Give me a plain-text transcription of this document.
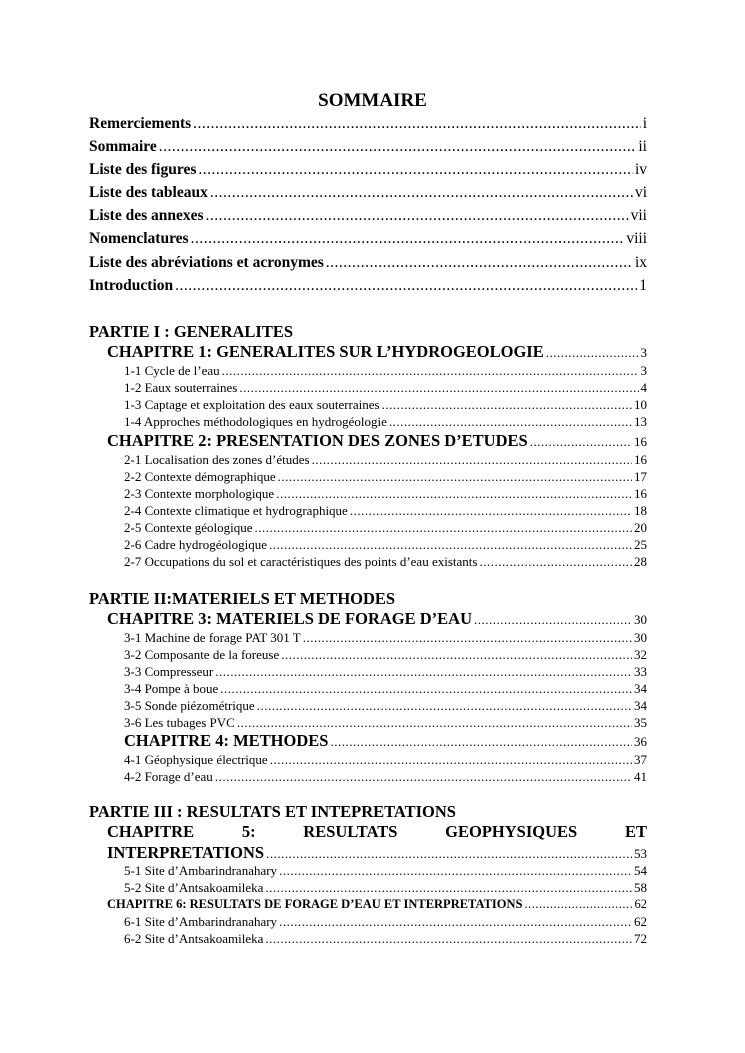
SOMMAIRE
Remerciements .....	i
Sommaire .....	ii
Liste des figures .....	iv
Liste des tableaux .....	vi
Liste des annexes .....	vii
Nomenclatures .....	viii
Liste des abréviations et acronymes .....	ix
Introduction .....	1
PARTIE I : GENERALITES
CHAPITRE 1: GENERALITES SUR L’HYDROGEOLOGIE .....	3
1-1 Cycle de l’eau .....	3
1-2 Eaux souterraines .....	4
1-3 Captage et exploitation des eaux souterraines .....	10
1-4 Approches méthodologiques en hydrogéologie .....	13
CHAPITRE 2: PRESENTATION DES ZONES D’ETUDES .....	16
2-1 Localisation des zones d’études .....	16
2-2 Contexte démographique .....	17
2-3 Contexte morphologique .....	16
2-4 Contexte climatique et hydrographique .....	18
2-5 Contexte géologique .....	20
2-6 Cadre hydrogéologique .....	25
2-7 Occupations du sol et caractéristiques des points d’eau existants .....	28
PARTIE II:MATERIELS ET METHODES
CHAPITRE 3: MATERIELS DE FORAGE D’EAU .....	30
3-1 Machine de forage PAT 301 T .....	30
3-2 Composante de la foreuse .....	32
3-3 Compresseur .....	33
3-4 Pompe à boue .....	34
3-5 Sonde piézométrique .....	34
3-6 Les tubages PVC .....	35
CHAPITRE 4: METHODES .....	36
4-1 Géophysique électrique .....	37
4-2 Forage d’eau .....	41
PARTIE III : RESULTATS ET INTEPRETATIONS
CHAPITRE	5:	RESULTATS	GEOPHYSIQUES	ET
INTERPRETATIONS .....	53
5-1 Site d’Ambarindranahary .....	54
5-2 Site d’Antsakoamileka .....	58
CHAPITRE 6: RESULTATS DE FORAGE D’EAU ET INTERPRETATIONS .....	62
6-1 Site d’Ambarindranahary .....	62
6-2 Site d’Antsakoamileka .....	72
